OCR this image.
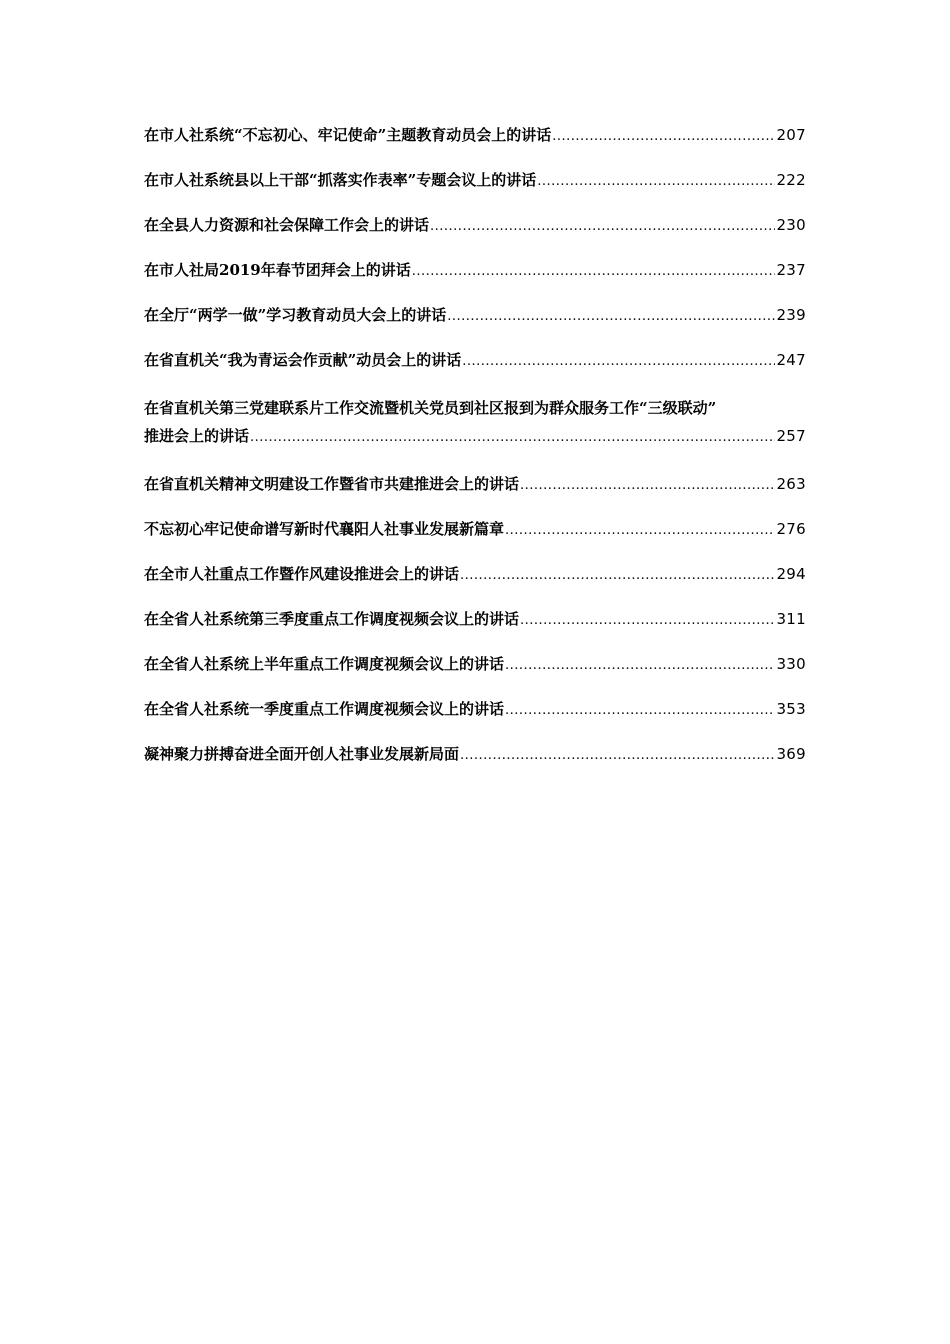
在市人社系统“不忘初心、牢记使命”主题教育动员会上的讲话 .....	207
在市人社系统县以上干部“抓落实作表率”专题会议上的讲话 .....	222
在全县人力资源和社会保障工作会上的讲话 .....	230
在市人社局2019年春节团拜会上的讲话 .....	237
在全厅“两学一做”学习教育动员大会上的讲话 .....	239
在省直机关“我为青运会作贡献”动员会上的讲话 .....	247
在省直机关第三党建联系片工作交流暨机关党员到社区报到为群众服务工作“三级联动”
推进会上的讲话 .....	257
在省直机关精神文明建设工作暨省市共建推进会上的讲话 .....	263
不忘初心牢记使命谱写新时代襄阳人社事业发展新篇章 .....	276
在全市人社重点工作暨作风建设推进会上的讲话 .....	294
在全省人社系统第三季度重点工作调度视频会议上的讲话 .....	311
在全省人社系统上半年重点工作调度视频会议上的讲话 .....	330
在全省人社系统一季度重点工作调度视频会议上的讲话 .....	353
凝神聚力拼搏奋进全面开创人社事业发展新局面 .....	369
